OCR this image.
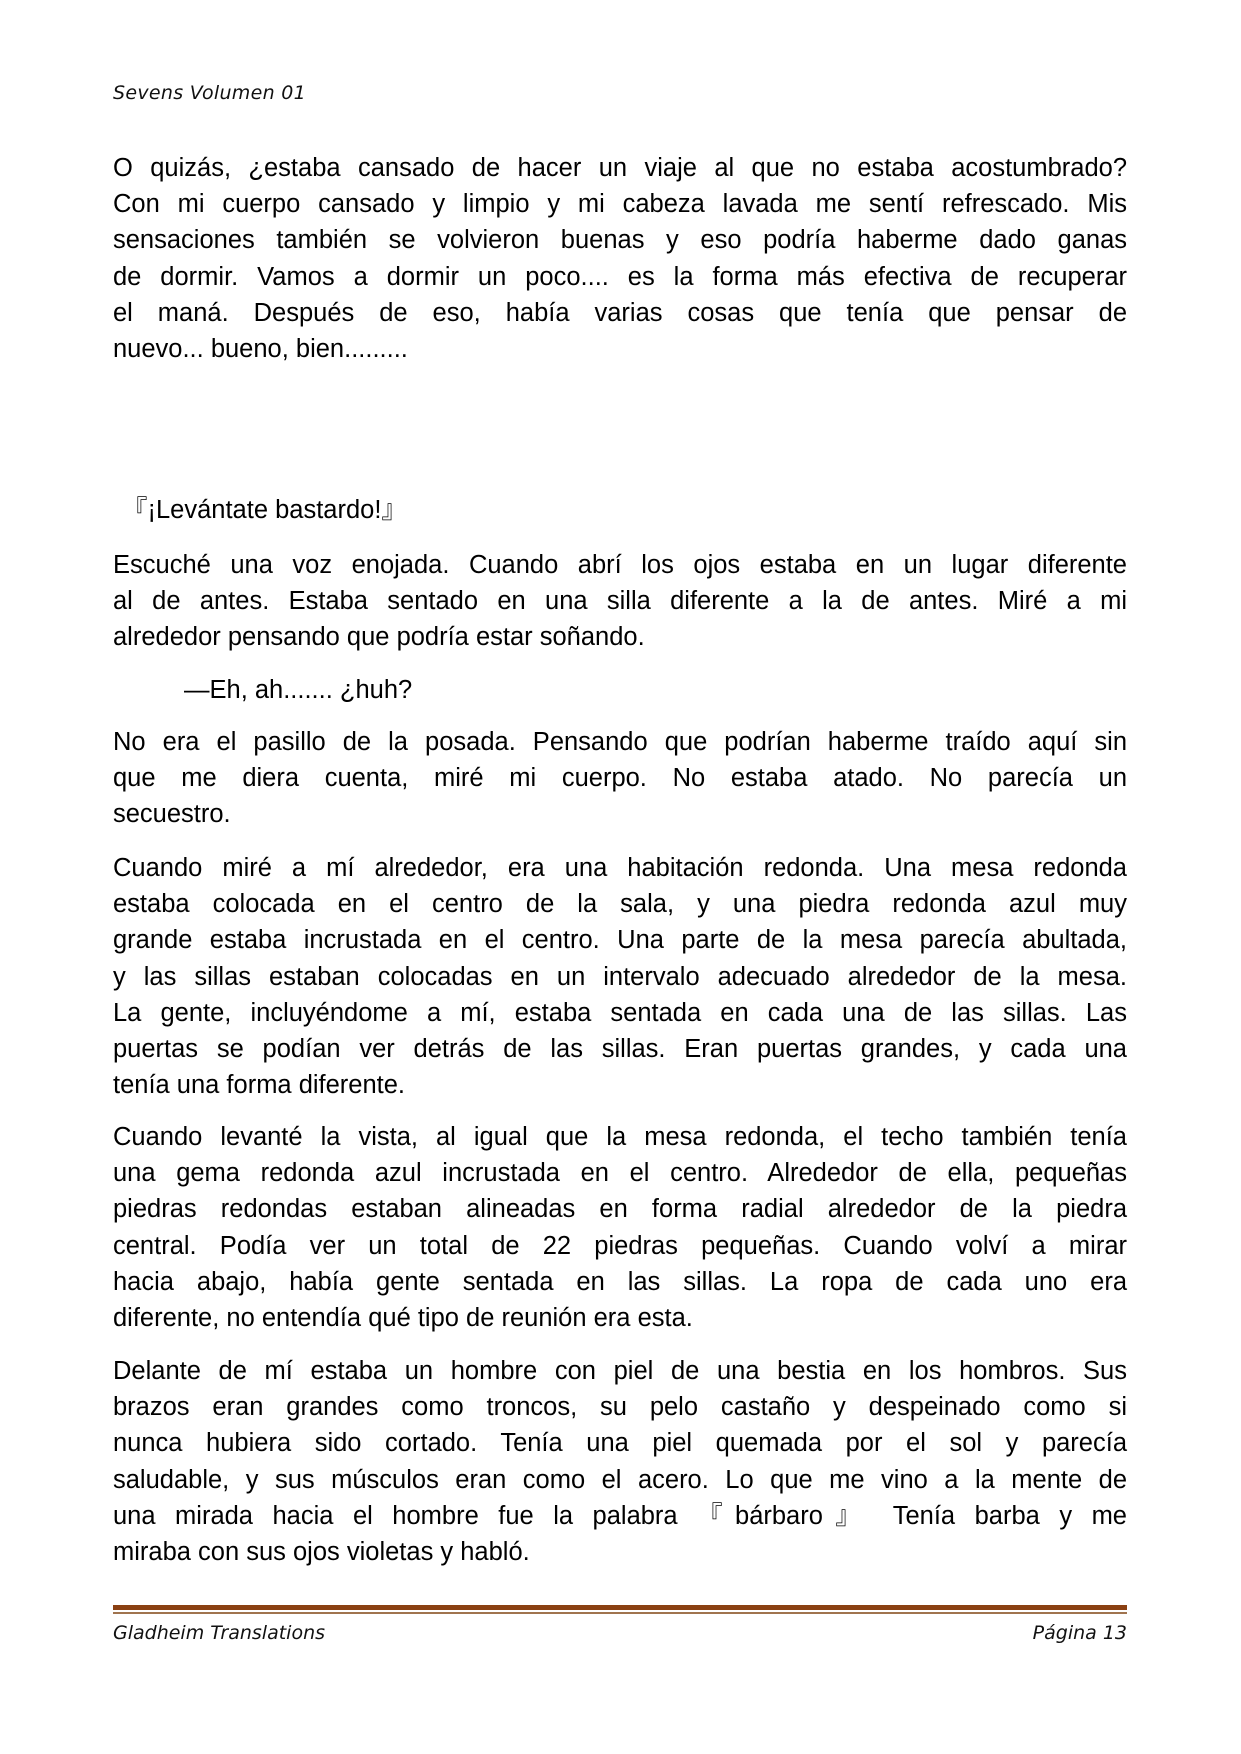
Sevens Volumen 01
O quizás, ¿estaba cansado de hacer un viaje al que no estaba acostumbrado?
Con mi cuerpo cansado y limpio y mi cabeza lavada me sentí refrescado. Mis
sensaciones también se volvieron buenas y eso podría haberme dado ganas
de dormir. Vamos a dormir un poco.... es la forma más efectiva de recuperar
el maná. Después de eso, había varias cosas que tenía que pensar de
nuevo... bueno, bien.........
『¡Levántate bastardo!』
Escuché una voz enojada. Cuando abrí los ojos estaba en un lugar diferente
al de antes. Estaba sentado en una silla diferente a la de antes. Miré a mi
alrededor pensando que podría estar soñando.
—Eh, ah....... ¿huh?
No era el pasillo de la posada. Pensando que podrían haberme traído aquí sin
que me diera cuenta, miré mi cuerpo. No estaba atado. No parecía un
secuestro.
Cuando miré a mí alrededor, era una habitación redonda. Una mesa redonda
estaba colocada en el centro de la sala, y una piedra redonda azul muy
grande estaba incrustada en el centro. Una parte de la mesa parecía abultada,
y las sillas estaban colocadas en un intervalo adecuado alrededor de la mesa.
La gente, incluyéndome a mí, estaba sentada en cada una de las sillas. Las
puertas se podían ver detrás de las sillas. Eran puertas grandes, y cada una
tenía una forma diferente.
Cuando levanté la vista, al igual que la mesa redonda, el techo también tenía
una gema redonda azul incrustada en el centro. Alrededor de ella, pequeñas
piedras redondas estaban alineadas en forma radial alrededor de la piedra
central. Podía ver un total de 22 piedras pequeñas. Cuando volví a mirar
hacia abajo, había gente sentada en las sillas. La ropa de cada uno era
diferente, no entendía qué tipo de reunión era esta.
Delante de mí estaba un hombre con piel de una bestia en los hombros. Sus
brazos eran grandes como troncos, su pelo castaño y despeinado como si
nunca hubiera sido cortado. Tenía una piel quemada por el sol y parecía
saludable, y sus músculos eran como el acero. Lo que me vino a la mente de
una mirada hacia el hombre fue la palabra 『bárbaro』 Tenía barba y me
miraba con sus ojos violetas y habló.
Gladheim Translations	Página 13
